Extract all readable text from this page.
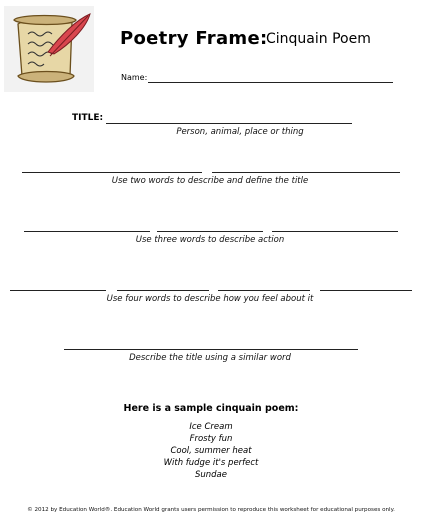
Poetry Frame:
Cinquain Poem
Name:
TITLE:
Person, animal, place or thing
Use two words to describe and define the title
Use three words to describe action
Use four words to describe how you feel about it
Describe the title using a similar word
Here is a sample cinquain poem:
Ice Cream
Frosty fun
Cool, summer heat
With fudge it's perfect
Sundae
© 2012 by Education World®. Education World grants users permission to reproduce this worksheet for educational purposes only.
